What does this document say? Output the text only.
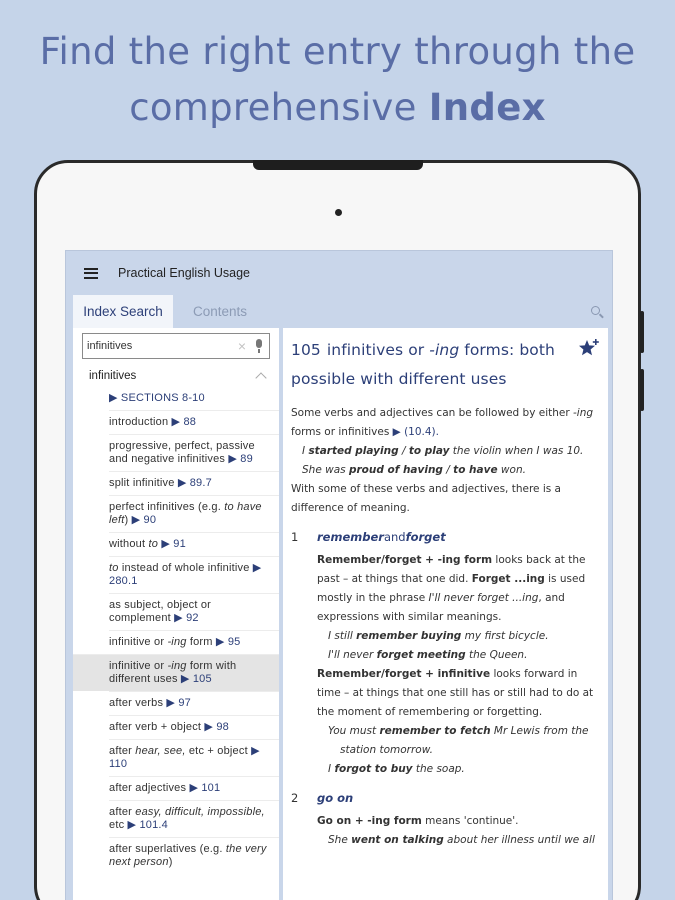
Find the right entry through the
comprehensive Index
Practical English Usage
Index Search	Contents
infinitives	×
infinitives
▶ SECTIONS 8-10
introduction ▶ 88
progressive, perfect, passive and negative infinitives ▶ 89
split infinitive ▶ 89.7
perfect infinitives (e.g. to have left) ▶ 90
without to ▶ 91
to instead of whole infinitive ▶ 280.1
as subject, object or complement ▶ 92
infinitive or -ing form ▶ 95
infinitive or -ing form with different uses ▶ 105
after verbs ▶ 97
after verb + object ▶ 98
after hear, see, etc + object ▶ 110
after adjectives ▶ 101
after easy, difficult, impossible, etc ▶ 101.4
after superlatives (e.g. the very next person)
105 infinitives or -ing forms: both possible with different uses
Some verbs and adjectives can be followed by either -ing forms or infinitives ▶ (10.4).
I started playing / to play the violin when I was 10.
She was proud of having / to have won.
With some of these verbs and adjectives, there is a difference of meaning.
1	remember and forget
Remember/forget + -ing form looks back at the past – at things that one did. Forget ...ing is used mostly in the phrase I'll never forget ...ing, and expressions with similar meanings.
I still remember buying my first bicycle.
I'll never forget meeting the Queen.
Remember/forget + infinitive looks forward in time – at things that one still has or still had to do at the moment of remembering or forgetting.
You must remember to fetch Mr Lewis from the
station tomorrow.
I forgot to buy the soap.
2	go on
Go on + -ing form means 'continue'.
She went on talking about her illness until we all
